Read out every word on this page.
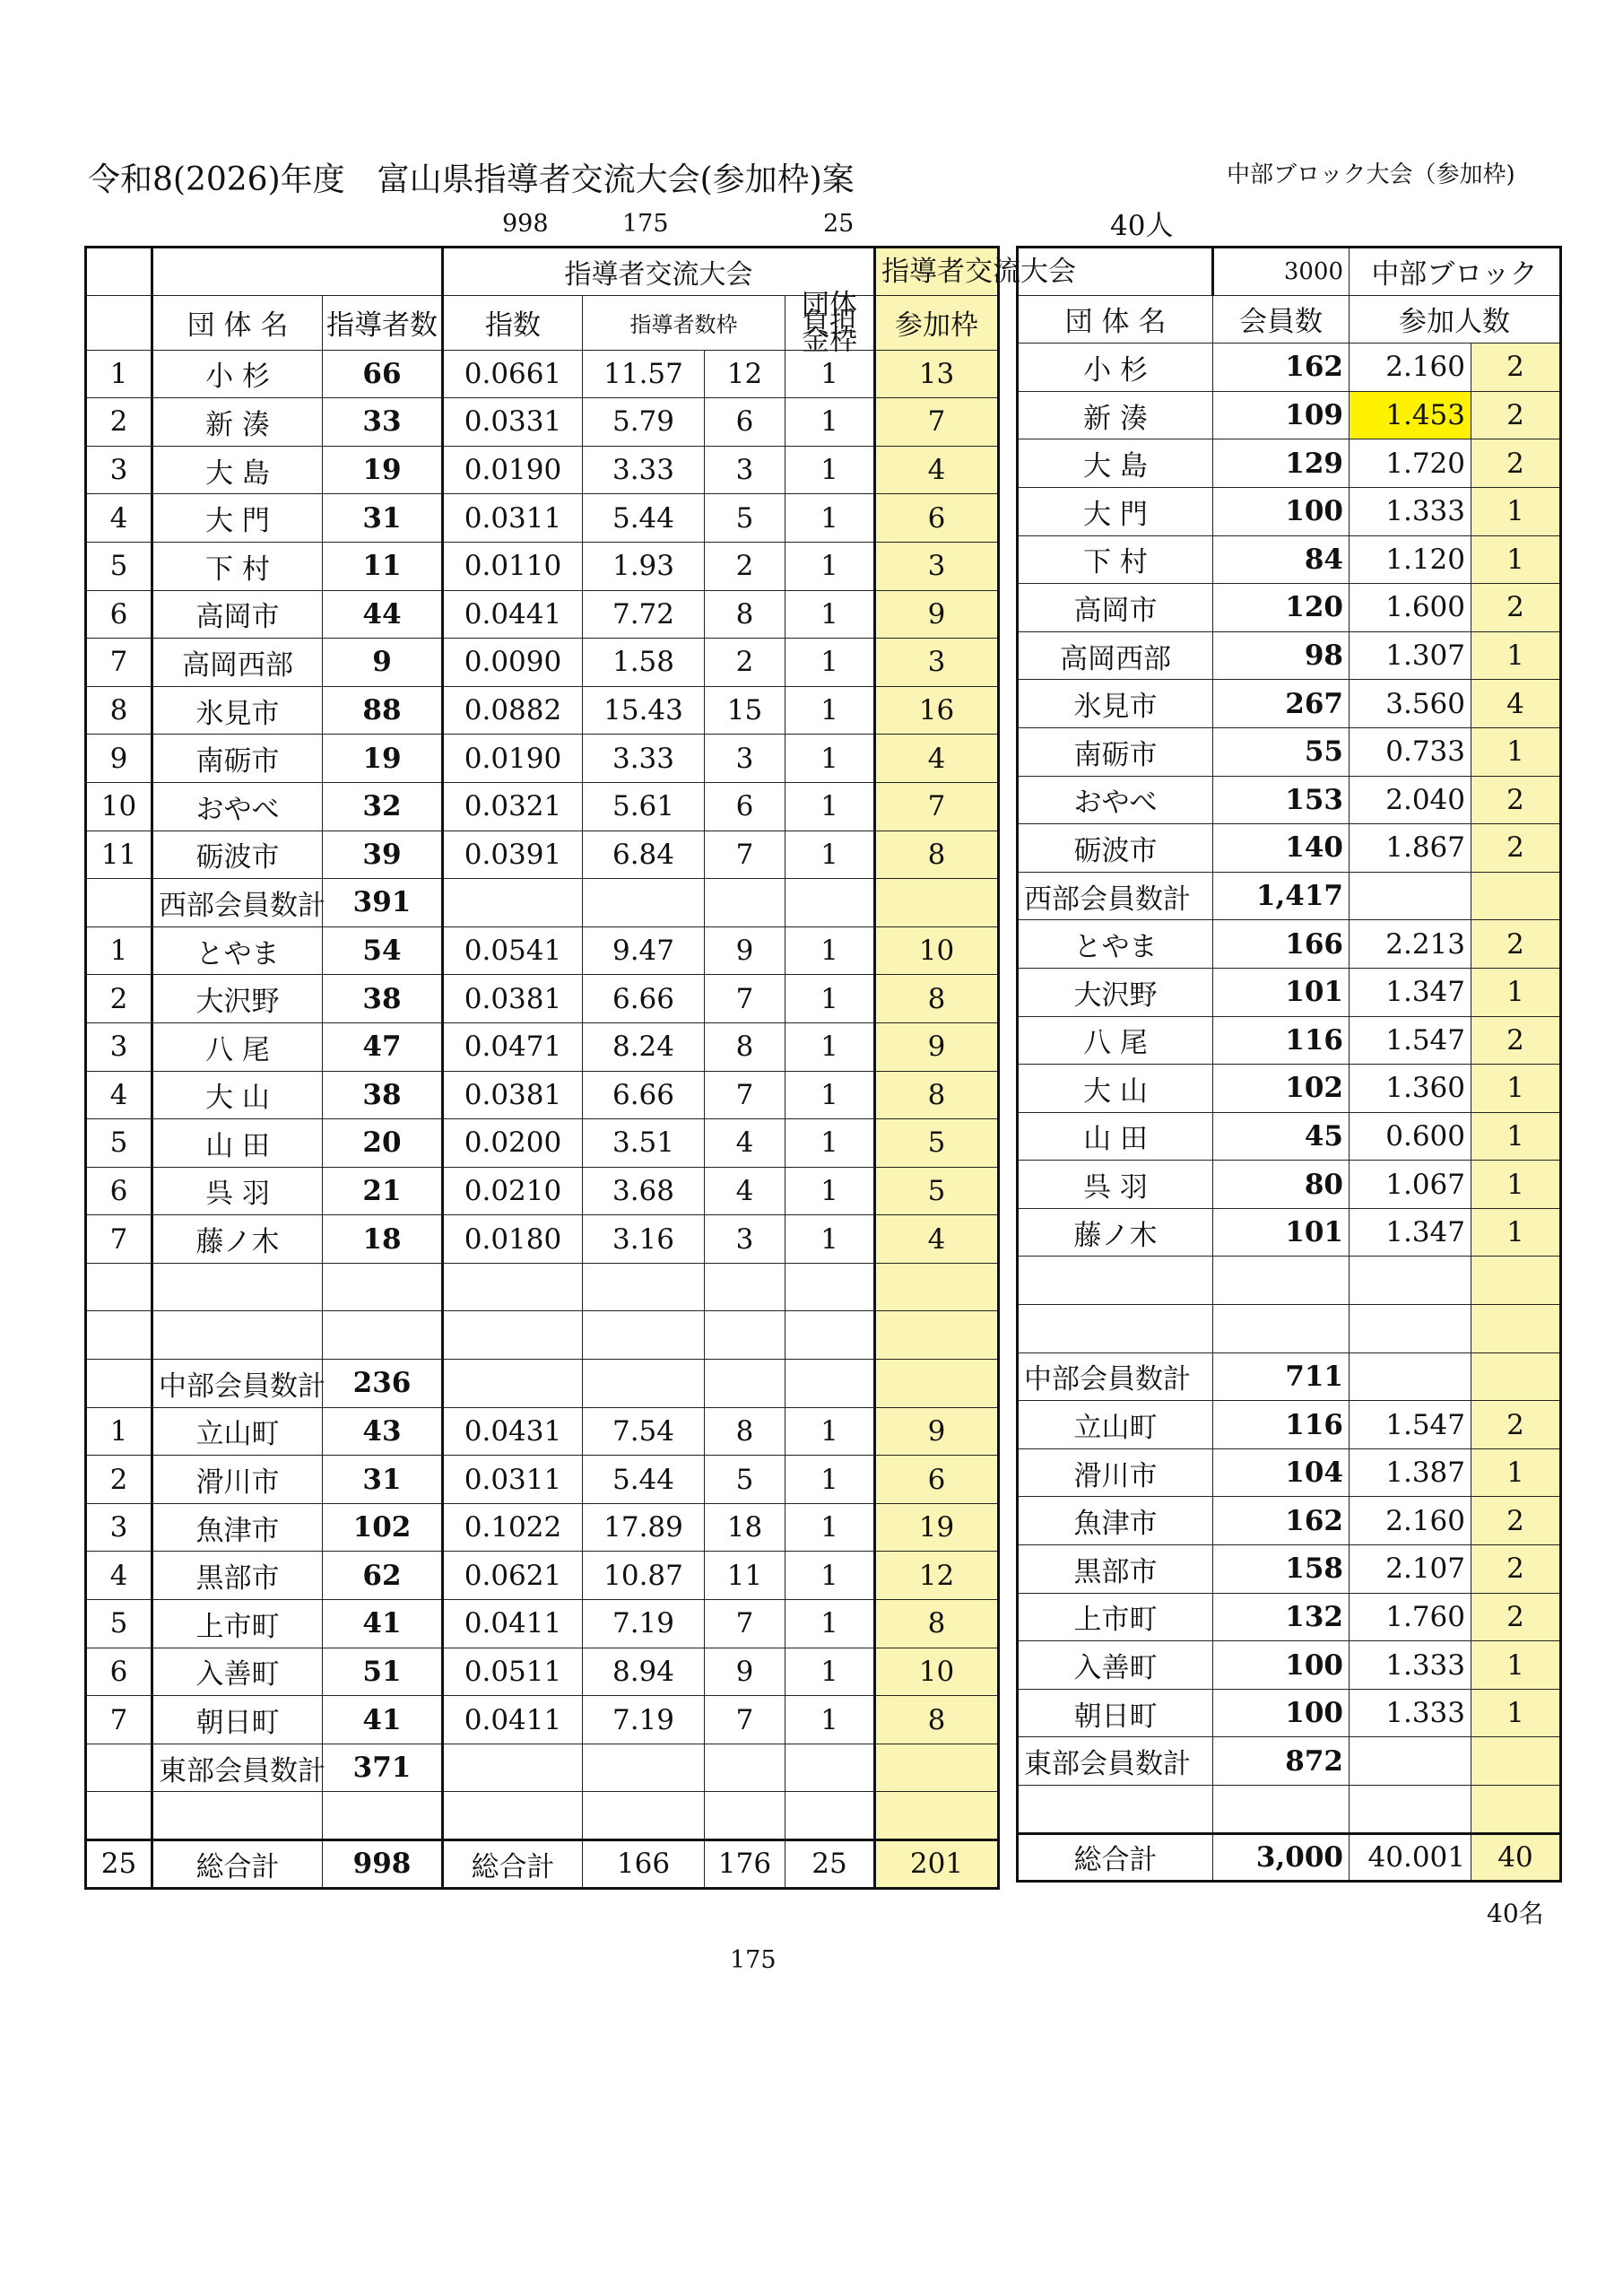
令和8(2026)年度　富山県指導者交流大会(参加枠)案	中部ブロック大会（参加枠)
998	175	25	40人
			指導者交流大会				指導者交流大会
	団 体 名	指導者数	指数	指導者数枠		団体負担金枠	参加枠
1	小 杉	66	0.0661	11.57	12	1	13
2	新 湊	33	0.0331	5.79	6	1	7
3	大 島	19	0.0190	3.33	3	1	4
4	大 門	31	0.0311	5.44	5	1	6
5	下 村	11	0.0110	1.93	2	1	3
6	高岡市	44	0.0441	7.72	8	1	9
7	高岡西部	9	0.0090	1.58	2	1	3
8	氷見市	88	0.0882	15.43	15	1	16
9	南砺市	19	0.0190	3.33	3	1	4
10	おやべ	32	0.0321	5.61	6	1	7
11	砺波市	39	0.0391	6.84	7	1	8
	西部会員数計	391					
1	とやま	54	0.0541	9.47	9	1	10
2	大沢野	38	0.0381	6.66	7	1	8
3	八 尾	47	0.0471	8.24	8	1	9
4	大 山	38	0.0381	6.66	7	1	8
5	山 田	20	0.0200	3.51	4	1	5
6	呉 羽	21	0.0210	3.68	4	1	5
7	藤ノ木	18	0.0180	3.16	3	1	4

	中部会員数計	236					
1	立山町	43	0.0431	7.54	8	1	9
2	滑川市	31	0.0311	5.44	5	1	6
3	魚津市	102	0.1022	17.89	18	1	19
4	黒部市	62	0.0621	10.87	11	1	12
5	上市町	41	0.0411	7.19	7	1	8
6	入善町	51	0.0511	8.94	9	1	10
7	朝日町	41	0.0411	7.19	7	1	8
	東部会員数計	371					

25	総合計	998	総合計	166	176	25	201
	3000	中部ブロック	
団 体 名	会員数	参加人数	
小 杉	162	2.160	2
新 湊	109	1.453	2
大 島	129	1.720	2
大 門	100	1.333	1
下 村	84	1.120	1
高岡市	120	1.600	2
高岡西部	98	1.307	1
氷見市	267	3.560	4
南砺市	55	0.733	1
おやべ	153	2.040	2
砺波市	140	1.867	2
西部会員数計	1,417		
とやま	166	2.213	2
大沢野	101	1.347	1
八 尾	116	1.547	2
大 山	102	1.360	1
山 田	45	0.600	1
呉 羽	80	1.067	1
藤ノ木	101	1.347	1

中部会員数計	711		
立山町	116	1.547	2
滑川市	104	1.387	1
魚津市	162	2.160	2
黒部市	158	2.107	2
上市町	132	1.760	2
入善町	100	1.333	1
朝日町	100	1.333	1
東部会員数計	872		

総合計	3,000	40.001	40
40名
175
